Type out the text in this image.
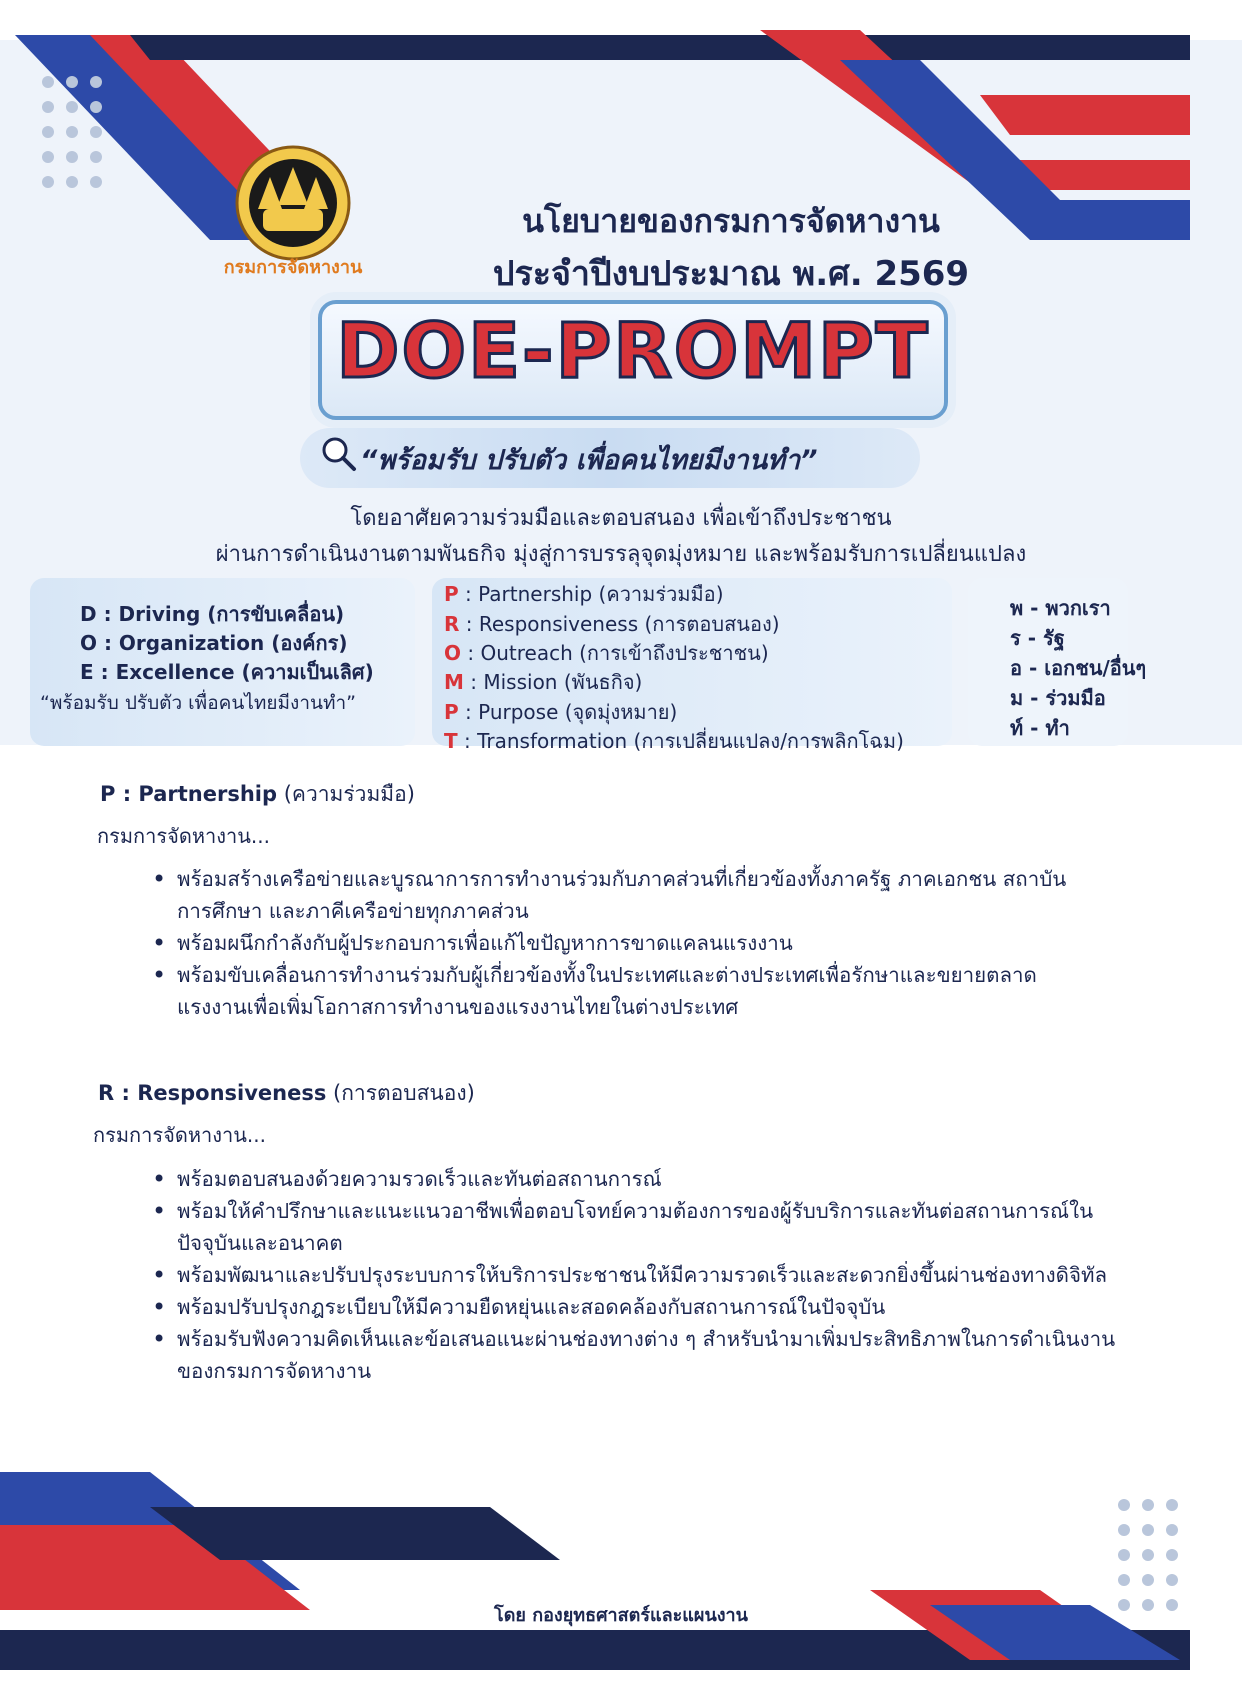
กรมการจัดหางาน
นโยบายของกรมการจัดหางาน
ประจำปีงบประมาณ พ.ศ. 2569
DOE-PROMPT
“พร้อมรับ ปรับตัว เพื่อคนไทยมีงานทำ”
โดยอาศัยความร่วมมือและตอบสนอง เพื่อเข้าถึงประชาชน
ผ่านการดำเนินงานตามพันธกิจ มุ่งสู่การบรรลุจุดมุ่งหมาย และพร้อมรับการเปลี่ยนแปลง
D : Driving (การขับเคลื่อน)
O : Organization (องค์กร)
E : Excellence (ความเป็นเลิศ)
“พร้อมรับ ปรับตัว เพื่อคนไทยมีงานทำ”
P : Partnership (ความร่วมมือ)
R : Responsiveness (การตอบสนอง)
O : Outreach (การเข้าถึงประชาชน)
M : Mission (พันธกิจ)
P : Purpose (จุดมุ่งหมาย)
T : Transformation (การเปลี่ยนแปลง/การพลิกโฉม)
พ - พวกเรา
ร - รัฐ
อ - เอกชน/อื่นๆ
ม - ร่วมมือ
ท์ - ทำ
P : Partnership (ความร่วมมือ)
กรมการจัดหางาน...
• พร้อมสร้างเครือข่ายและบูรณาการการทำงานร่วมกับภาคส่วนที่เกี่ยวข้องทั้งภาครัฐ ภาคเอกชน สถาบันการศึกษา และภาคีเครือข่ายทุกภาคส่วน
• พร้อมผนึกกำลังกับผู้ประกอบการเพื่อแก้ไขปัญหาการขาดแคลนแรงงาน
• พร้อมขับเคลื่อนการทำงานร่วมกับผู้เกี่ยวข้องทั้งในประเทศและต่างประเทศเพื่อรักษาและขยายตลาดแรงงานเพื่อเพิ่มโอกาสการทำงานของแรงงานไทยในต่างประเทศ
R : Responsiveness (การตอบสนอง)
กรมการจัดหางาน...
• พร้อมตอบสนองด้วยความรวดเร็วและทันต่อสถานการณ์
• พร้อมให้คำปรึกษาและแนะแนวอาชีพเพื่อตอบโจทย์ความต้องการของผู้รับบริการและทันต่อสถานการณ์ในปัจจุบันและอนาคต
• พร้อมพัฒนาและปรับปรุงระบบการให้บริการประชาชนให้มีความรวดเร็วและสะดวกยิ่งขึ้นผ่านช่องทางดิจิทัล
• พร้อมปรับปรุงกฎระเบียบให้มีความยืดหยุ่นและสอดคล้องกับสถานการณ์ในปัจจุบัน
• พร้อมรับฟังความคิดเห็นและข้อเสนอแนะผ่านช่องทางต่าง ๆ สำหรับนำมาเพิ่มประสิทธิภาพในการดำเนินงานของกรมการจัดหางาน
โดย กองยุทธศาสตร์และแผนงาน
